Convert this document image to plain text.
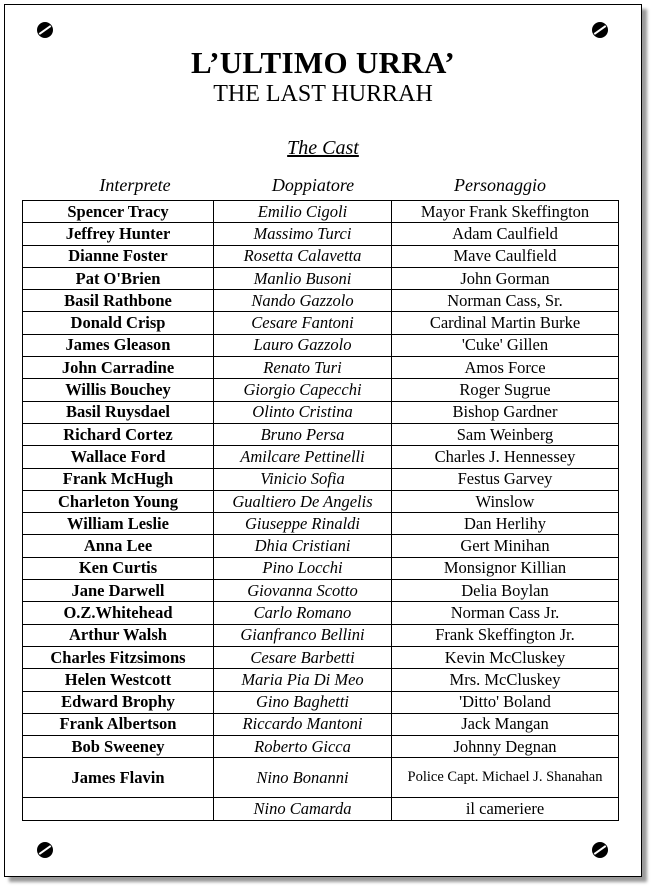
L’ULTIMO URRA’
THE LAST HURRAH
The Cast
Interprete	Doppiatore	Personaggio
Spencer Tracy	Emilio Cigoli	Mayor Frank Skeffington
Jeffrey Hunter	Massimo Turci	Adam Caulfield
Dianne Foster	Rosetta Calavetta	Mave Caulfield
Pat O'Brien	Manlio Busoni	John Gorman
Basil Rathbone	Nando Gazzolo	Norman Cass, Sr.
Donald Crisp	Cesare Fantoni	Cardinal Martin Burke
James Gleason	Lauro Gazzolo	'Cuke' Gillen
John Carradine	Renato Turi	Amos Force
Willis Bouchey	Giorgio Capecchi	Roger Sugrue
Basil Ruysdael	Olinto Cristina	Bishop Gardner
Richard Cortez	Bruno Persa	Sam Weinberg
Wallace Ford	Amilcare Pettinelli	Charles J. Hennessey
Frank McHugh	Vinicio Sofia	Festus Garvey
Charleton Young	Gualtiero De Angelis	Winslow
William Leslie	Giuseppe Rinaldi	Dan Herlihy
Anna Lee	Dhia Cristiani	Gert Minihan
Ken Curtis	Pino Locchi	Monsignor Killian
Jane Darwell	Giovanna Scotto	Delia Boylan
O.Z.Whitehead	Carlo Romano	Norman Cass Jr.
Arthur Walsh	Gianfranco Bellini	Frank Skeffington Jr.
Charles Fitzsimons	Cesare Barbetti	Kevin McCluskey
Helen Westcott	Maria Pia Di Meo	Mrs. McCluskey
Edward Brophy	Gino Baghetti	'Ditto' Boland
Frank Albertson	Riccardo Mantoni	Jack Mangan
Bob Sweeney	Roberto Gicca	Johnny Degnan
James Flavin	Nino Bonanni	Police Capt. Michael J. Shanahan
	Nino Camarda	il cameriere
